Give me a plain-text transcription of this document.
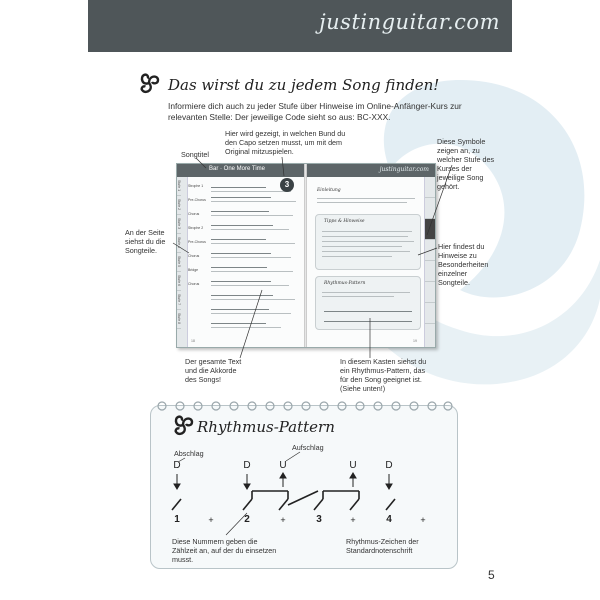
justinguitar.com
Das wirst du zu jedem Song finden!
Informiere dich auch zu jeder Stufe über Hinweise im Online-Anfänger-Kurs zur relevanten Stelle: Der jeweilige Code sieht so aus: BC-XXX.
Hier wird gezeigt, in welchen Bund du den Capo setzen musst, um mit dem Original mitzuspielen.
Songtitel
Diese Symbole zeigen an, zu welcher Stufe des Kurses der jeweilige Song gehört.
An der Seite siehst du die Songteile.	Hier findest du Hinweise zu Besonderheiten einzelner Songteile.
Der gesamte Text und die Akkorde des Songs!
In diesem Kasten siehst du ein Rhythmus-Pattern, das für den Song geeignet ist. (Siehe unten!)
Bar · One More Time	justinguitar.com
Stufe 1
Stufe 2
Stufe 3
Stufe 4
Stufe 5
Stufe 6
Stufe 7
Stufe 8
Strophe 1
Pre-Chorus
Chorus
Strophe 2
Pre-Chorus
Chorus
Bridge
Chorus
3
Einleitung
Tipps & Hinweise
Rhythmus-Pattern
18	19
Rhythmus-Pattern
Abschlag
Aufschlag
D	D	U	U	D
1	+	2	+	3	+	4	+
Diese Nummern geben die Zählzeit an, auf der du einsetzen musst.
Rhythmus-Zeichen der Standardnotenschrift
5
